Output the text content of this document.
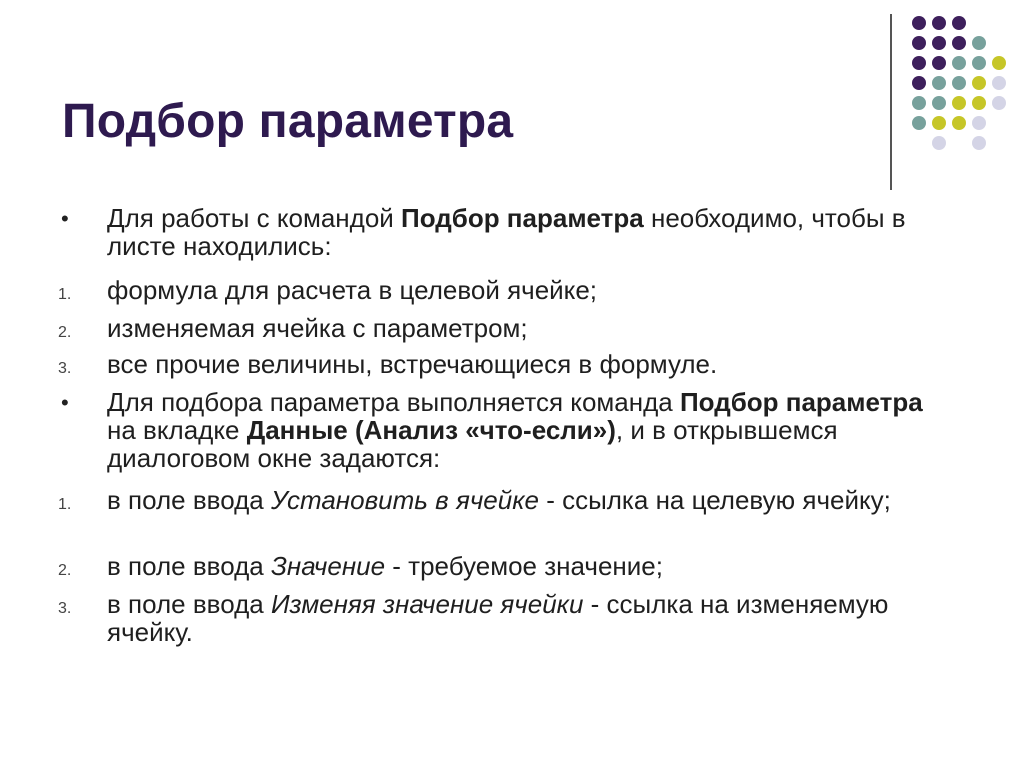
Подбор параметра
• Для работы с командой Подбор параметра необходимо, чтобы в листе находились:
1. формула для расчета в целевой ячейке;
2. изменяемая ячейка с параметром;
3. все прочие величины, встречающиеся в формуле.
• Для подбора параметра выполняется команда Подбор параметра на вкладке Данные (Анализ «что-если»), и в открывшемся диалоговом окне задаются:
1. в поле ввода Установить в ячейке - ссылка на целевую ячейку;
2. в поле ввода Значение - требуемое значение;
3. в поле ввода Изменяя значение ячейки - ссылка на изменяемую ячейку.
